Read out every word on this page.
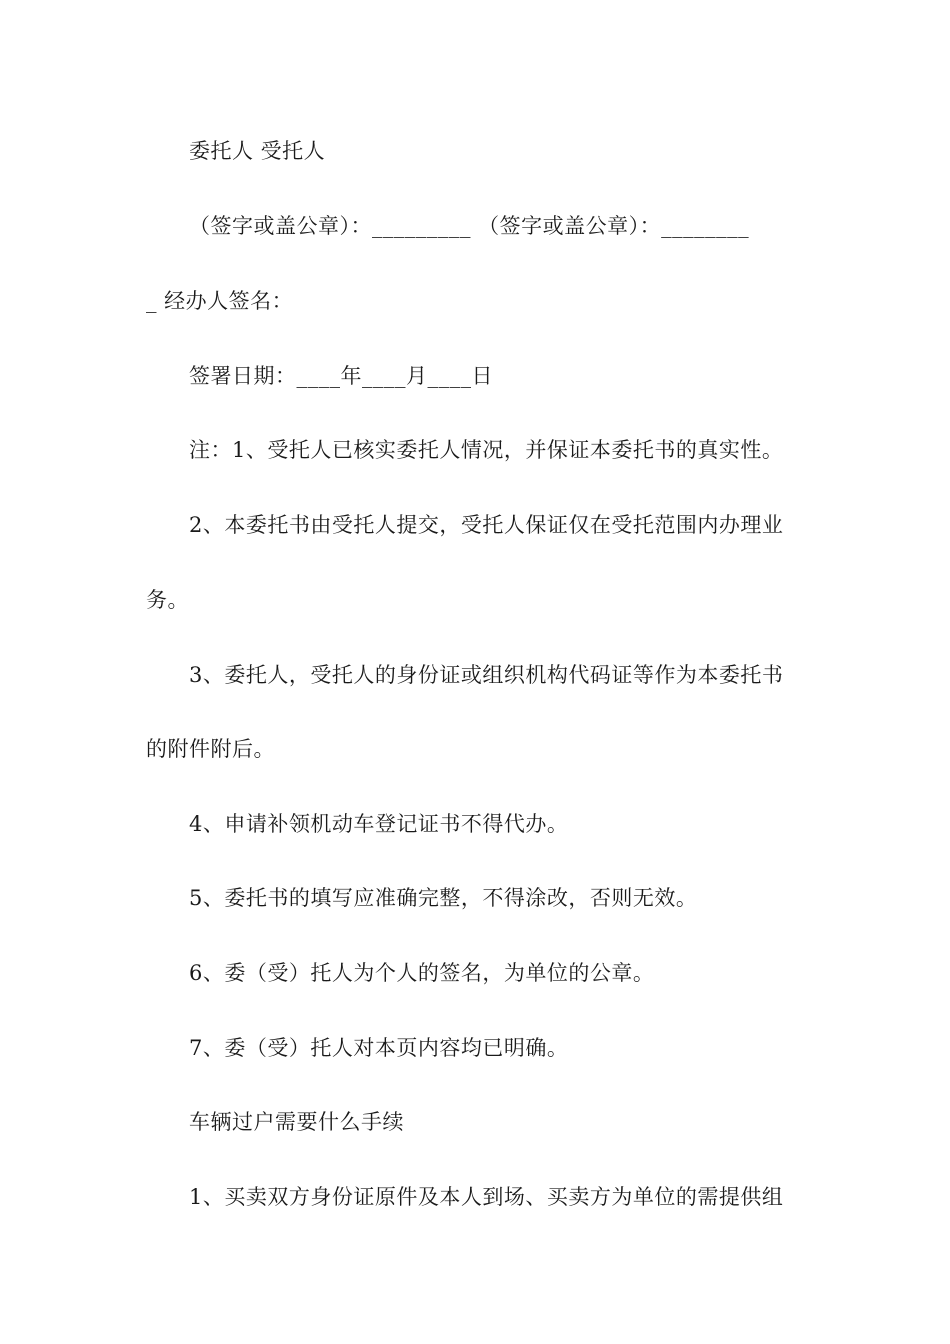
委托人 受托人
（签字或盖公章）：_________ （签字或盖公章）：________
_ 经办人签名：
签署日期：____年____月____日
注：1、受托人已核实委托人情况，并保证本委托书的真实性。
2、本委托书由受托人提交，受托人保证仅在受托范围内办理业
务。
3、委托人，受托人的身份证或组织机构代码证等作为本委托书
的附件附后。
4、申请补领机动车登记证书不得代办。
5、委托书的填写应准确完整，不得涂改，否则无效。
6、委（受）托人为个人的签名，为单位的公章。
7、委（受）托人对本页内容均已明确。
车辆过户需要什么手续
1、买卖双方身份证原件及本人到场、买卖方为单位的需提供组
